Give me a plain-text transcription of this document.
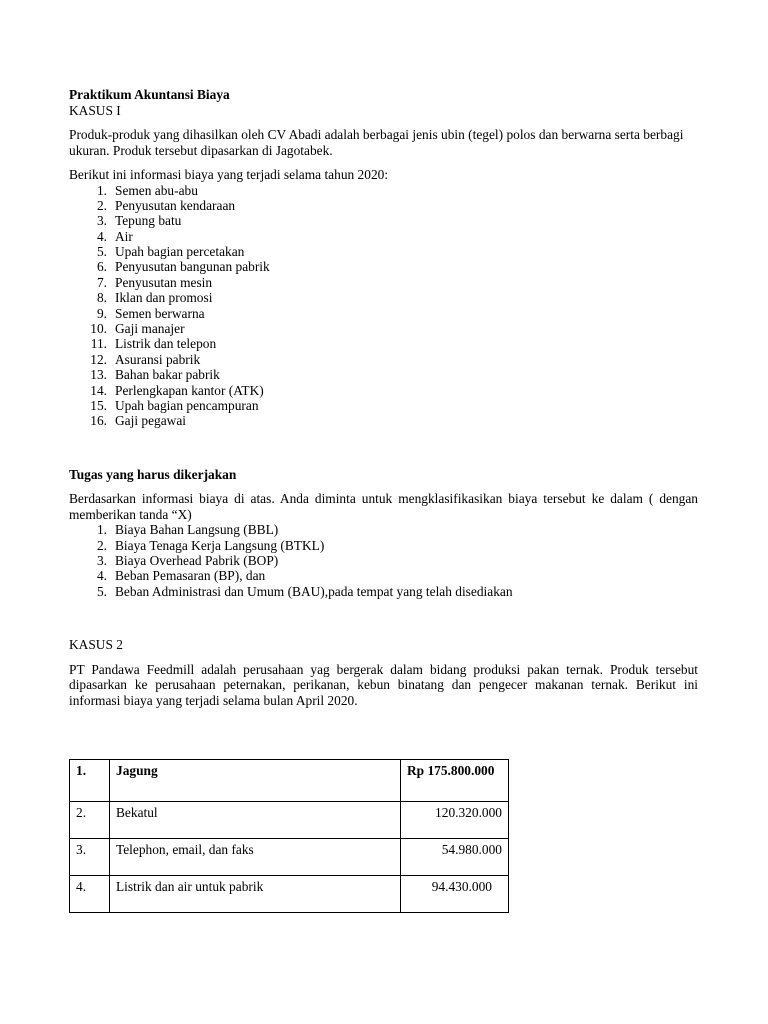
Praktikum Akuntansi Biaya

KASUS I

Produk-produk yang dihasilkan oleh CV Abadi adalah berbagai jenis ubin (tegel) polos dan berwarna serta berbagi ukuran. Produk tersebut dipasarkan di Jagotabek.

Berikut ini informasi biaya yang terjadi selama tahun 2020:

1. Semen abu-abu
2. Penyusutan kendaraan
3. Tepung batu
4. Air
5. Upah bagian percetakan
6. Penyusutan bangunan pabrik
7. Penyusutan mesin
8. Iklan dan promosi
9. Semen berwarna
10. Gaji manajer
11. Listrik dan telepon
12. Asuransi pabrik
13. Bahan bakar pabrik
14. Perlengkapan kantor (ATK)
15. Upah bagian pencampuran
16. Gaji pegawai

Tugas yang harus dikerjakan

Berdasarkan informasi biaya di atas. Anda diminta untuk mengklasifikasikan biaya tersebut ke dalam ( dengan memberikan tanda “X)

1. Biaya Bahan Langsung (BBL)
2. Biaya Tenaga Kerja Langsung (BTKL)
3. Biaya Overhead Pabrik (BOP)
4. Beban Pemasaran (BP), dan
5. Beban Administrasi dan Umum (BAU),pada tempat yang telah disediakan

KASUS 2

PT Pandawa Feedmill adalah perusahaan yag bergerak dalam bidang produksi pakan ternak. Produk tersebut dipasarkan ke perusahaan peternakan, perikanan, kebun binatang dan pengecer makanan ternak. Berikut ini informasi biaya yang terjadi selama bulan April 2020.

1.	Jagung	Rp 175.800.000
2.	Bekatul	120.320.000
3.	Telephon, email, dan faks	54.980.000
4.	Listrik dan air untuk pabrik	94.430.000
